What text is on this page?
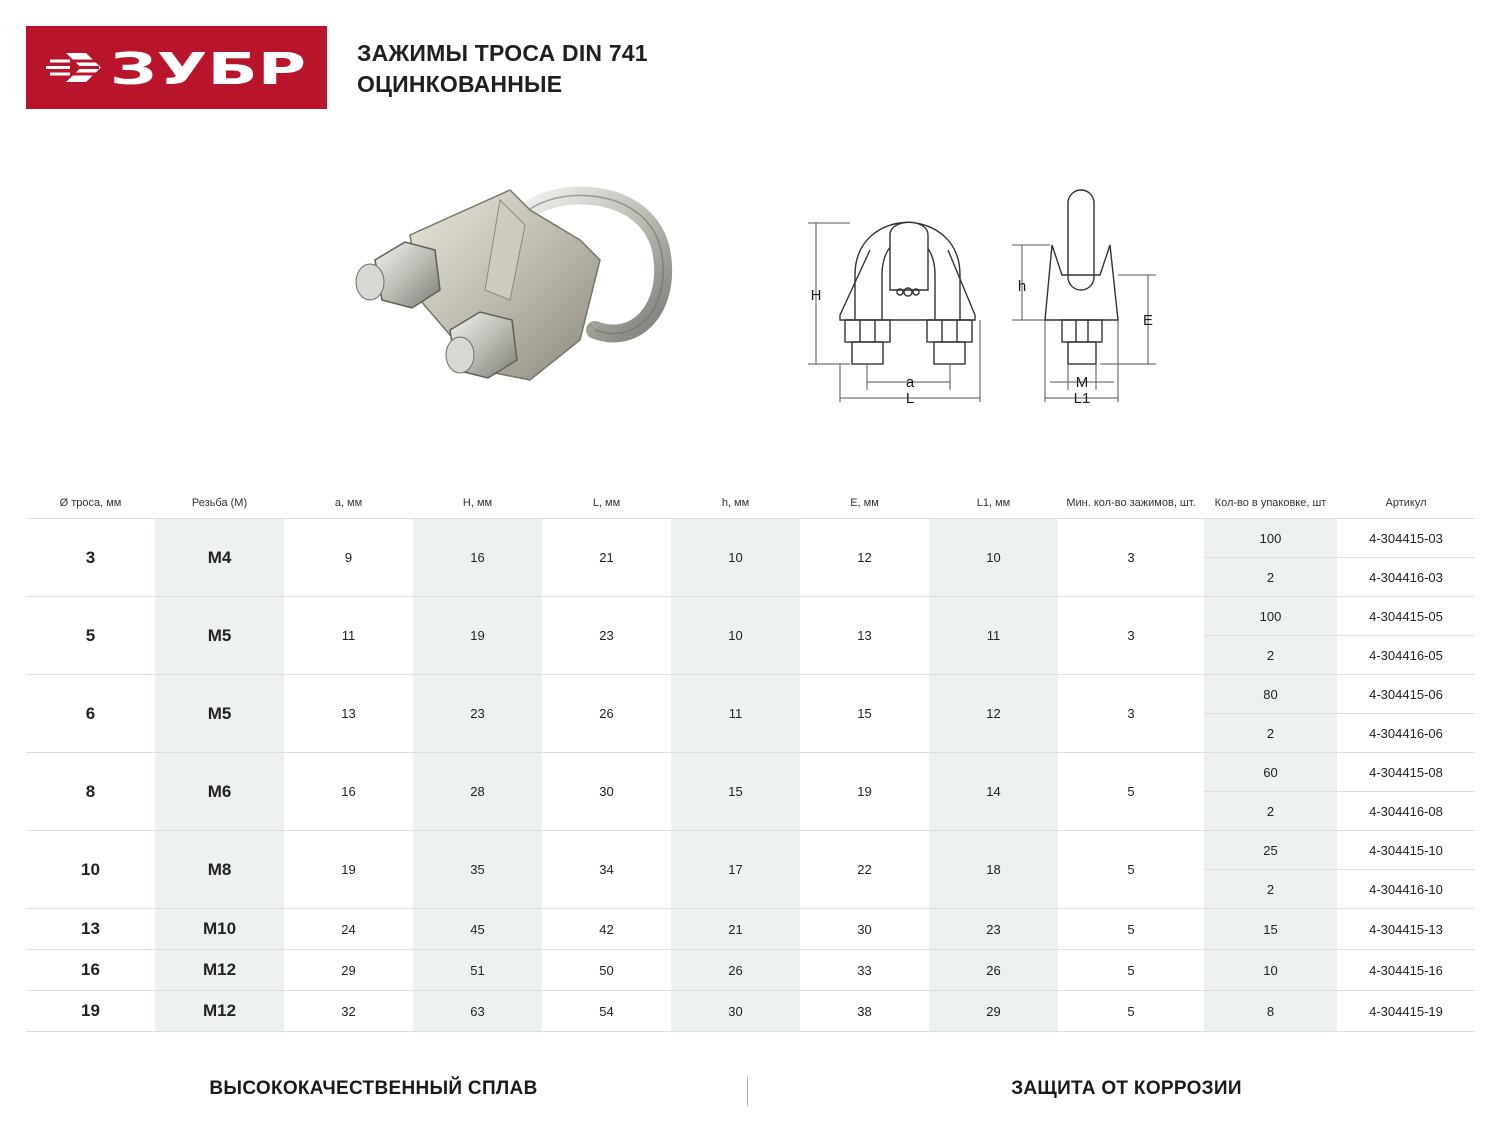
ЗУБР ЗАЖИМЫ ТРОСА DIN 741
ОЦИНКОВАННЫЕ
H
a
L
h
E
M
L1
Ø троса, мм	Резьба (М)	а, мм	Н, мм	L, мм	h, мм	Е, мм	L1, мм	Мин. кол-во зажимов, шт.	Кол-во в упаковке, шт	Артикул
3	M4	9	16	21	10	12	10	3	100	4-304415-03
									2	4-304416-03
5	M5	11	19	23	10	13	11	3	100	4-304415-05
									2	4-304416-05
6	M5	13	23	26	11	15	12	3	80	4-304415-06
									2	4-304416-06
8	M6	16	28	30	15	19	14	5	60	4-304415-08
									2	4-304416-08
10	M8	19	35	34	17	22	18	5	25	4-304415-10
									2	4-304416-10
13	M10	24	45	42	21	30	23	5	15	4-304415-13
16	M12	29	51	50	26	33	26	5	10	4-304415-16
19	M12	32	63	54	30	38	29	5	8	4-304415-19
ВЫСОКОКАЧЕСТВЕННЫЙ СПЛАВ	ЗАЩИТА ОТ КОРРОЗИИ
